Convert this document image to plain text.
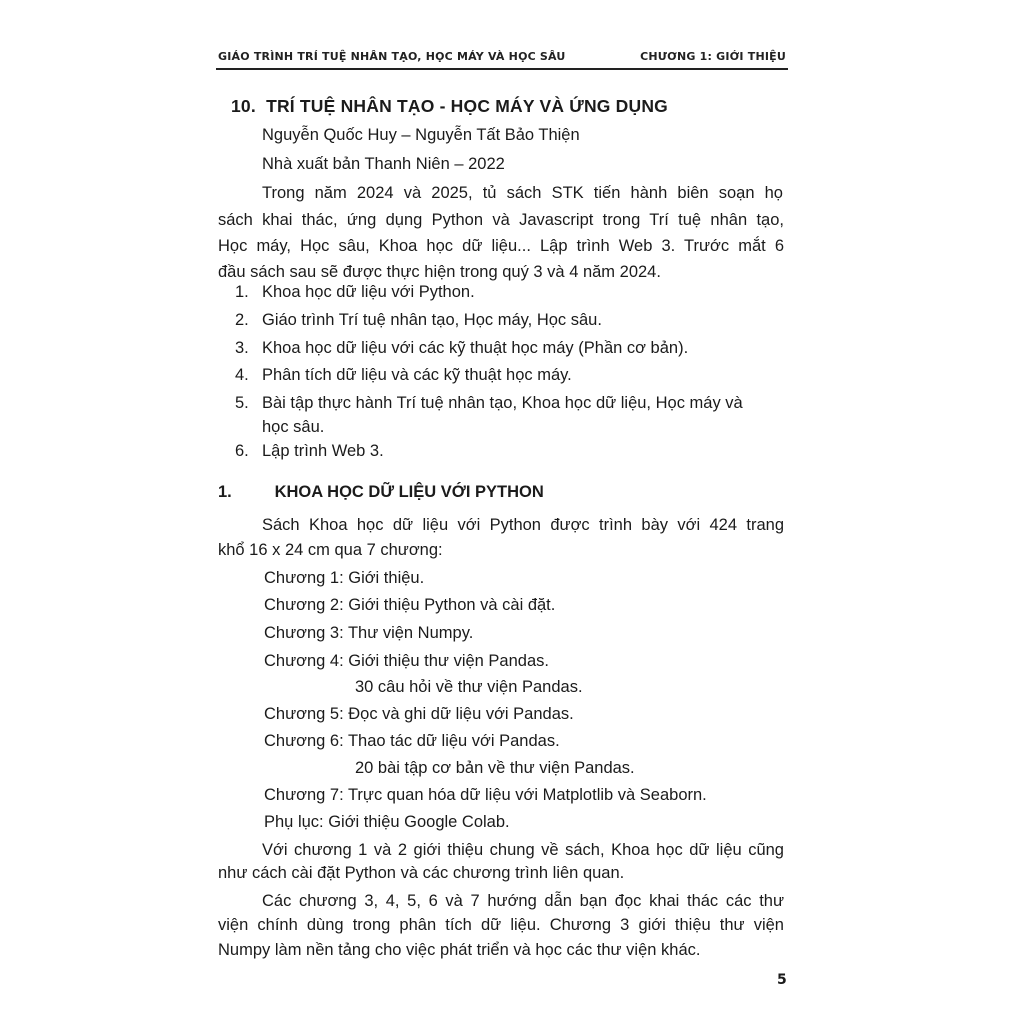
GIÁO TRÌNH TRÍ TUỆ NHÂN TẠO, HỌC MÁY VÀ HỌC SÂU	CHƯƠNG 1: GIỚI THIỆU
10. TRÍ TUỆ NHÂN TẠO - HỌC MÁY VÀ ỨNG DỤNG
Nguyễn Quốc Huy – Nguyễn Tất Bảo Thiện
Nhà xuất bản Thanh Niên – 2022
Trong năm 2024 và 2025, tủ sách STK tiến hành biên soạn họ
sách khai thác, ứng dụng Python và Javascript trong Trí tuệ nhân tạo,
Học máy, Học sâu, Khoa học dữ liệu... Lập trình Web 3. Trước mắt 6
đầu sách sau sẽ được thực hiện trong quý 3 và 4 năm 2024.
1. Khoa học dữ liệu với Python.
2. Giáo trình Trí tuệ nhân tạo, Học máy, Học sâu.
3. Khoa học dữ liệu với các kỹ thuật học máy (Phần cơ bản).
4. Phân tích dữ liệu và các kỹ thuật học máy.
5. Bài tập thực hành Trí tuệ nhân tạo, Khoa học dữ liệu, Học máy và
học sâu.
6. Lập trình Web 3.
1.	KHOA HỌC DỮ LIỆU VỚI PYTHON
Sách Khoa học dữ liệu với Python được trình bày với 424 trang
khổ 16 x 24 cm qua 7 chương:
Chương 1: Giới thiệu.
Chương 2: Giới thiệu Python và cài đặt.
Chương 3: Thư viện Numpy.
Chương 4: Giới thiệu thư viện Pandas.
30 câu hỏi về thư viện Pandas.
Chương 5: Đọc và ghi dữ liệu với Pandas.
Chương 6: Thao tác dữ liệu với Pandas.
20 bài tập cơ bản về thư viện Pandas.
Chương 7: Trực quan hóa dữ liệu với Matplotlib và Seaborn.
Phụ lục: Giới thiệu Google Colab.
Với chương 1 và 2 giới thiệu chung về sách, Khoa học dữ liệu cũng
như cách cài đặt Python và các chương trình liên quan.
Các chương 3, 4, 5, 6 và 7 hướng dẫn bạn đọc khai thác các thư
viện chính dùng trong phân tích dữ liệu. Chương 3 giới thiệu thư viện
Numpy làm nền tảng cho việc phát triển và học các thư viện khác.
5
